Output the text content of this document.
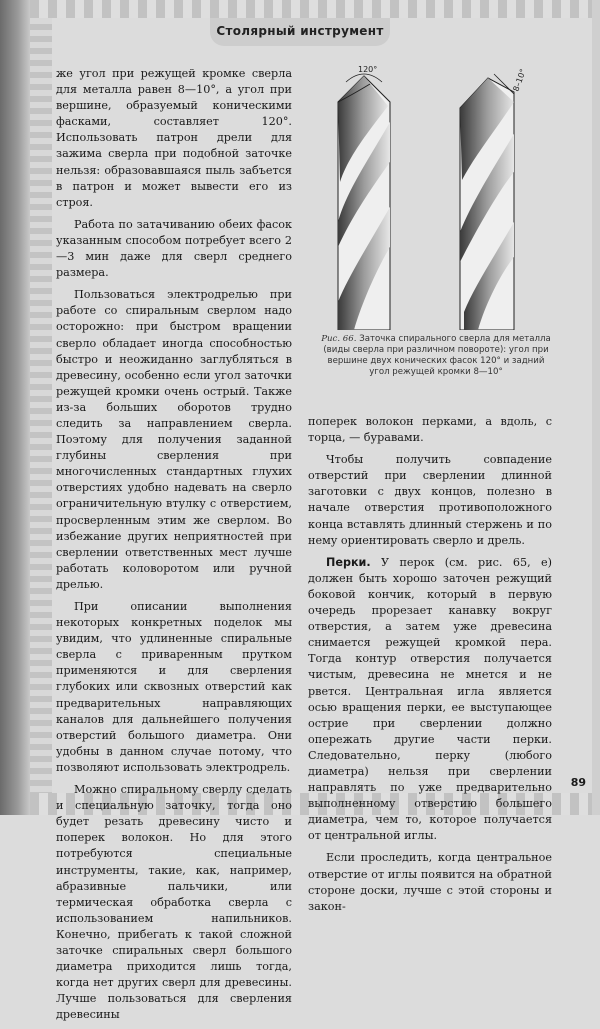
Столярный инструмент

же угол при режущей кромке сверла для металла равен 8—10°, а угол при вершине, образуемый коническими фасками, составляет 120°. Использовать патрон дрели для зажима сверла при подобной заточке нельзя: образовавшаяся пыль забъется в патрон и может вывести его из строя.

Работа по затачиванию обеих фасок указанным способом потребует всего 2—3 мин даже для сверл среднего размера.

Пользоваться электродрелью при работе со спиральным сверлом надо осторожно: при быстром вращении сверло обладает иногда способностью быстро и неожиданно заглубляться в древесину, особенно если угол заточки режущей кромки очень острый. Также из-за больших оборотов трудно следить за направлением сверла. Поэтому для получения заданной глубины сверления при многочисленных стандартных глухих отверстиях удобно надевать на сверло ограничительную втулку с отверстием, просверленным этим же сверлом. Во избежание других неприятностей при сверлении ответственных мест лучше работать коловоротом или ручной дрелью.

При описании выполнения некоторых конкретных поделок мы увидим, что удлиненные спиральные сверла с приваренным прутком применяются и для сверления глубоких или сквозных отверстий как предварительных направляющих каналов для дальнейшего получения отверстий большого диаметра. Они удобны в данном случае потому, что позволяют использовать электродрель.

Можно спиральному сверлу сделать и специальную заточку, тогда оно будет резать древесину чисто и поперек волокон. Но для этого потребуются специальные инструменты, такие, как, например, абразивные пальчики, или термическая обработка сверла с использованием напильников. Конечно, прибегать к такой сложной заточке спиральных сверл большого диаметра приходится лишь тогда, когда нет других сверл для древесины. Лучше пользоваться для сверления древесины

120°	8–10°
Рис. 66. Заточка спирального сверла для металла (виды сверла при различном повороте): угол при вершине двух конических фасок 120° и задний угол режущей кромки 8—10°

поперек волокон перками, а вдоль, с торца, — буравами.

Чтобы получить совпадение отверстий при сверлении длинной заготовки с двух концов, полезно в начале отверстия противоположного конца вставлять длинный стержень и по нему ориентировать сверло и дрель.

Перки. У перок (см. рис. 65, е) должен быть хорошо заточен режущий боковой кончик, который в первую очередь прорезает канавку вокруг отверстия, а затем уже древесина снимается режущей кромкой пера. Тогда контур отверстия получается чистым, древесина не мнется и не рвется. Центральная игла является осью вращения перки, ее выступающее острие при сверлении должно опережать другие части перки. Следовательно, перку (любого диаметра) нельзя при сверлении направлять по уже предварительно выполненному отверстию большего диаметра, чем то, которое получается от центральной иглы.

Если проследить, когда центральное отверстие от иглы появится на обратной стороне доски, лучше с этой стороны и закон-

89
